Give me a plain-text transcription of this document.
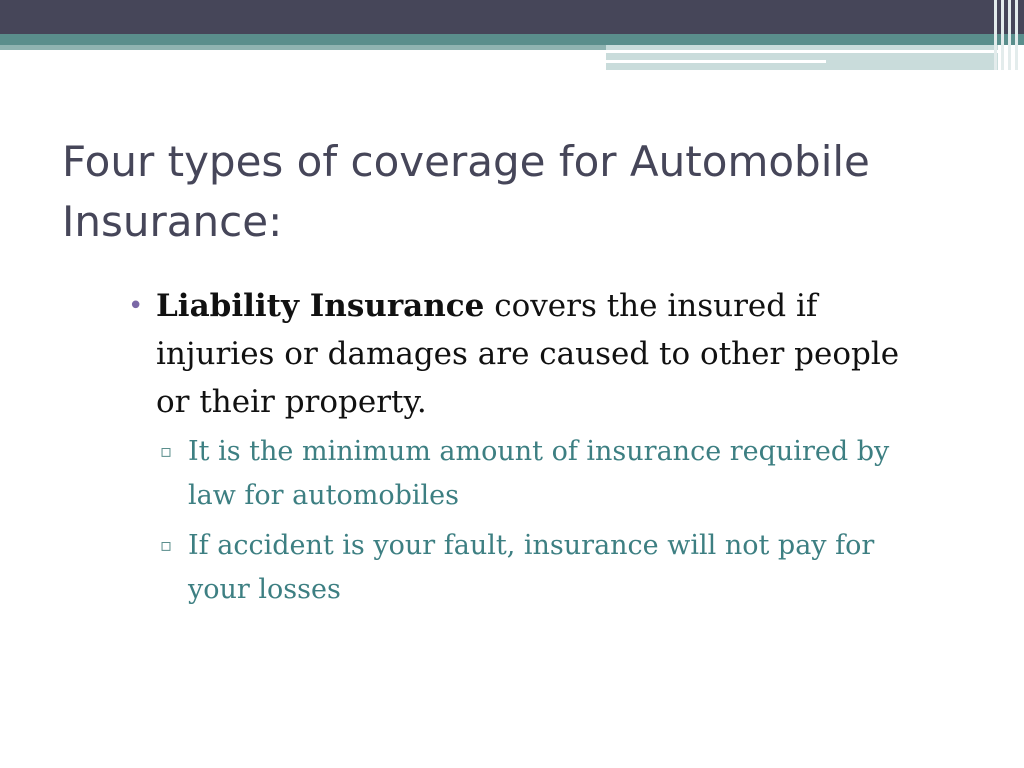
Four types of coverage for Automobile Insurance:
• Liability Insurance covers the insured if injuries or damages are caused to other people or their property.
▫ It is the minimum amount of insurance required by law for automobiles
▫ If accident is your fault, insurance will not pay for your losses
